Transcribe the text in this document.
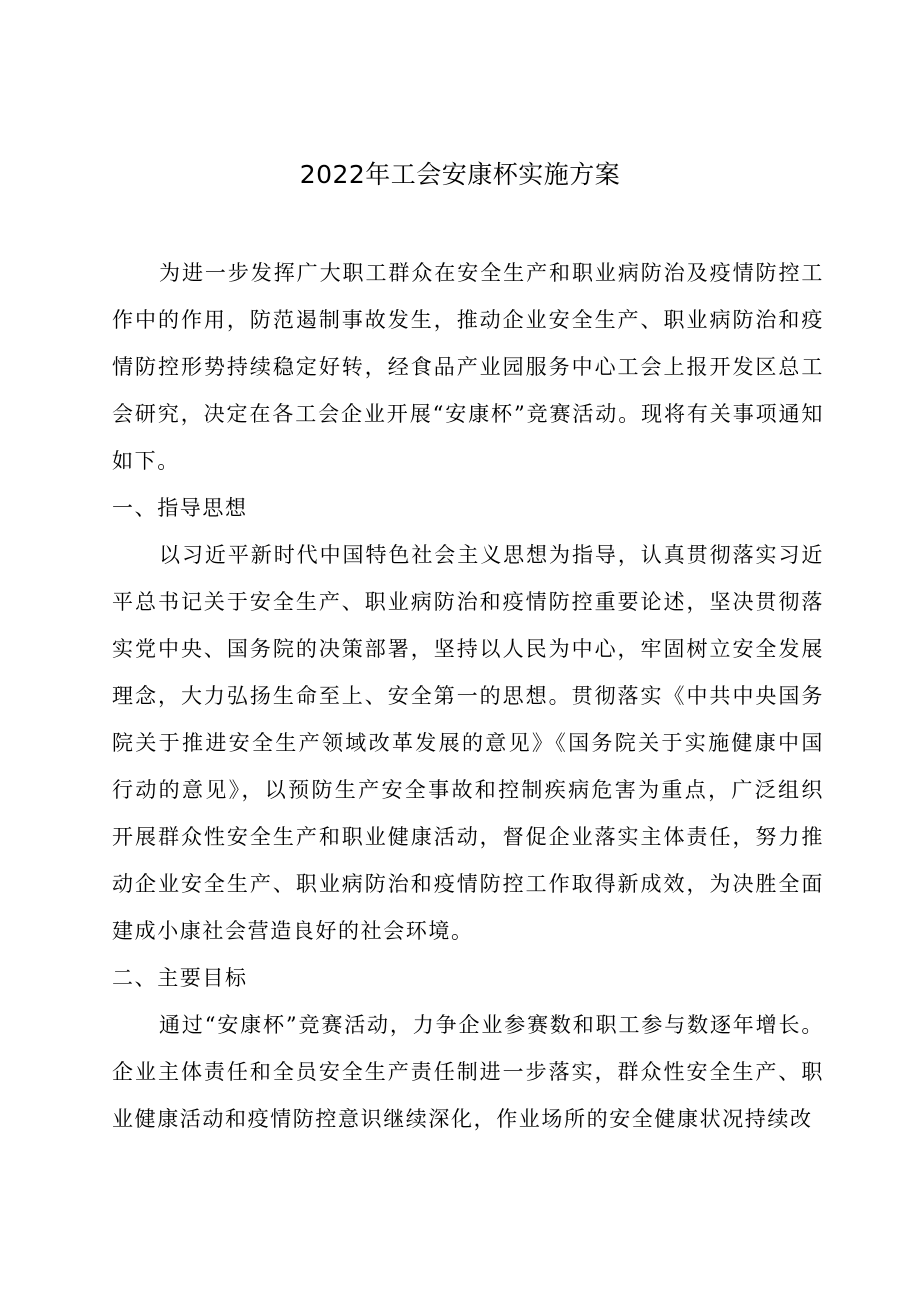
2022年工会安康杯实施方案

为进一步发挥广大职工群众在安全生产和职业病防治及疫情防控工作中的作用，防范遏制事故发生，推动企业安全生产、职业病防治和疫情防控形势持续稳定好转，经食品产业园服务中心工会上报开发区总工会研究，决定在各工会企业开展“安康杯”竞赛活动。现将有关事项通知如下。

一、指导思想

以习近平新时代中国特色社会主义思想为指导，认真贯彻落实习近平总书记关于安全生产、职业病防治和疫情防控重要论述，坚决贯彻落实党中央、国务院的决策部署，坚持以人民为中心，牢固树立安全发展理念，大力弘扬生命至上、安全第一的思想。贯彻落实《中共中央国务院关于推进安全生产领域改革发展的意见》《国务院关于实施健康中国行动的意见》，以预防生产安全事故和控制疾病危害为重点，广泛组织开展群众性安全生产和职业健康活动，督促企业落实主体责任，努力推动企业安全生产、职业病防治和疫情防控工作取得新成效，为决胜全面建成小康社会营造良好的社会环境。

二、主要目标

通过“安康杯”竞赛活动，力争企业参赛数和职工参与数逐年增长。企业主体责任和全员安全生产责任制进一步落实，群众性安全生产、职业健康活动和疫情防控意识继续深化，作业场所的安全健康状况持续改
